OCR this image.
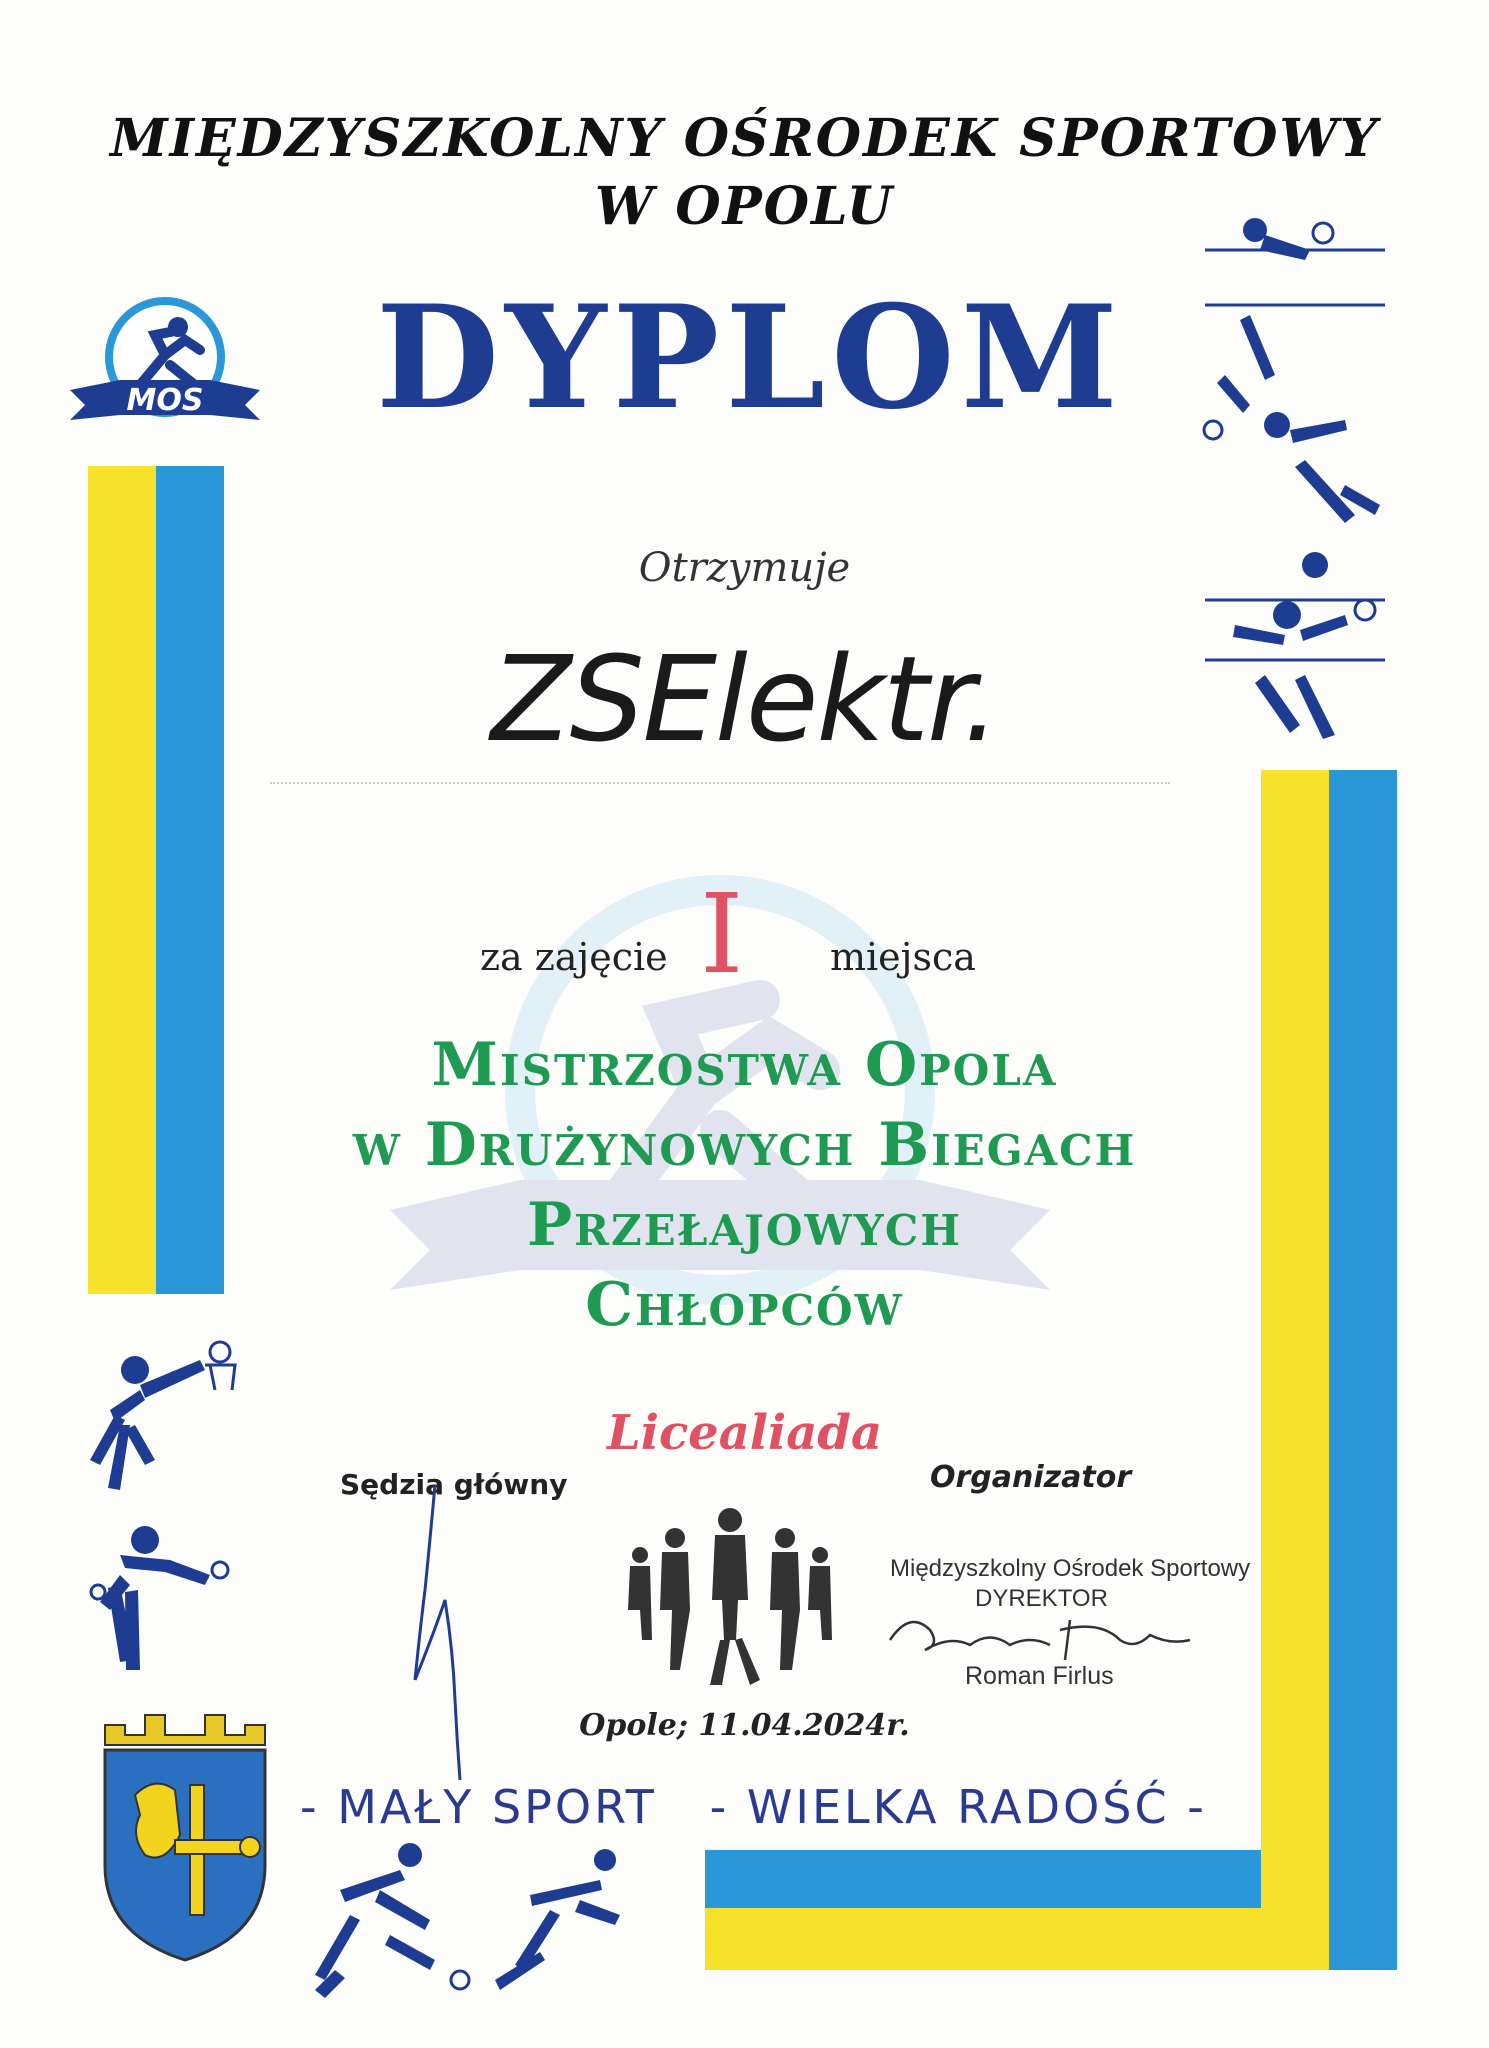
MIĘDZYSZKOLNY OŚRODEK SPORTOWY
W OPOLU
MOS	DYPLOM
Otrzymuje
ZSElektr.
za zajęcie I miejsca
Mistrzostwa Opola
w Drużynowych Biegach
Przełajowych
Chłopców
Licealiada
Sędzia główny	Organizator
Międzyszkolny Ośrodek Sportowy
DYREKTOR
Roman Firlus
Opole; 11.04.2024r.
- MAŁY SPORT   - WIELKA RADOŚĆ -
